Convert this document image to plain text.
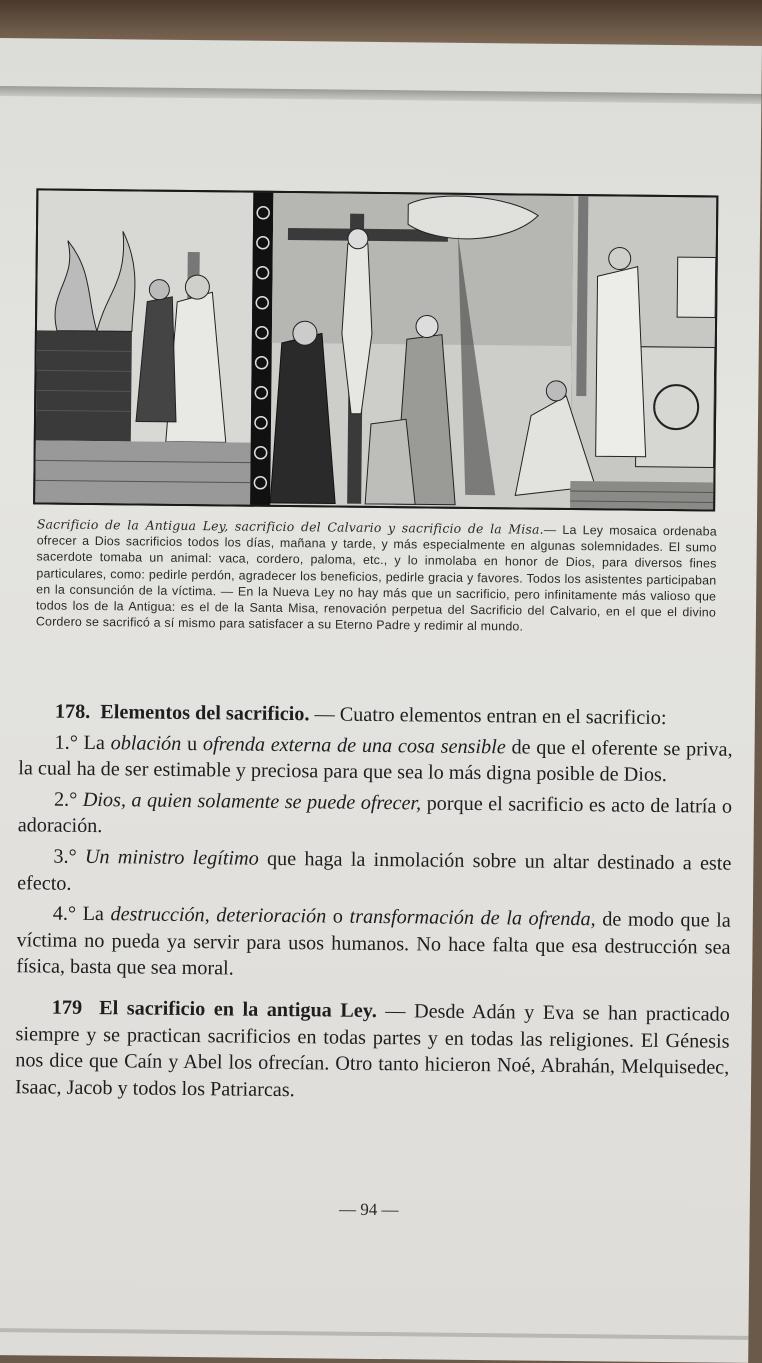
Sacrificio de la Antigua Ley, sacrificio del Calvario y sacrificio de la Misa.— La Ley mosaica ordenaba ofrecer a Dios sacrificios todos los días, mañana y tarde, y más especialmente en algunas solemnidades. El sumo sacerdote tomaba un animal: vaca, cordero, paloma, etc., y lo inmolaba en honor de Dios, para diversos fines particulares, como: pedirle perdón, agradecer los beneficios, pedirle gracia y favores. Todos los asistentes participaban en la consunción de la víctima. — En la Nueva Ley no hay más que un sacrificio, pero infinitamente más valioso que todos los de la Antigua: es el de la Santa Misa, renovación perpetua del Sacrificio del Calvario, en el que el divino Cordero se sacrificó a sí mismo para satisfacer a su Eterno Padre y redimir al mundo.

178. Elementos del sacrificio. — Cuatro elementos entran en el sacrificio:

1.° La oblación u ofrenda externa de una cosa sensible de que el oferente se priva, la cual ha de ser estimable y preciosa para que sea lo más digna posible de Dios.

2.° Dios, a quien solamente se puede ofrecer, porque el sacrificio es acto de latría o adoración.

3.° Un ministro legítimo que haga la inmolación sobre un altar destinado a este efecto.

4.° La destrucción, deterioración o transformación de la ofrenda, de modo que la víctima no pueda ya servir para usos humanos. No hace falta que esa destrucción sea física, basta que sea moral.

179 El sacrificio en la antigua Ley. — Desde Adán y Eva se han practicado siempre y se practican sacrificios en todas partes y en todas las religiones. El Génesis nos dice que Caín y Abel los ofrecían. Otro tanto hicieron Noé, Abrahán, Melquisedec, Isaac, Jacob y todos los Patriarcas.

— 94 —
